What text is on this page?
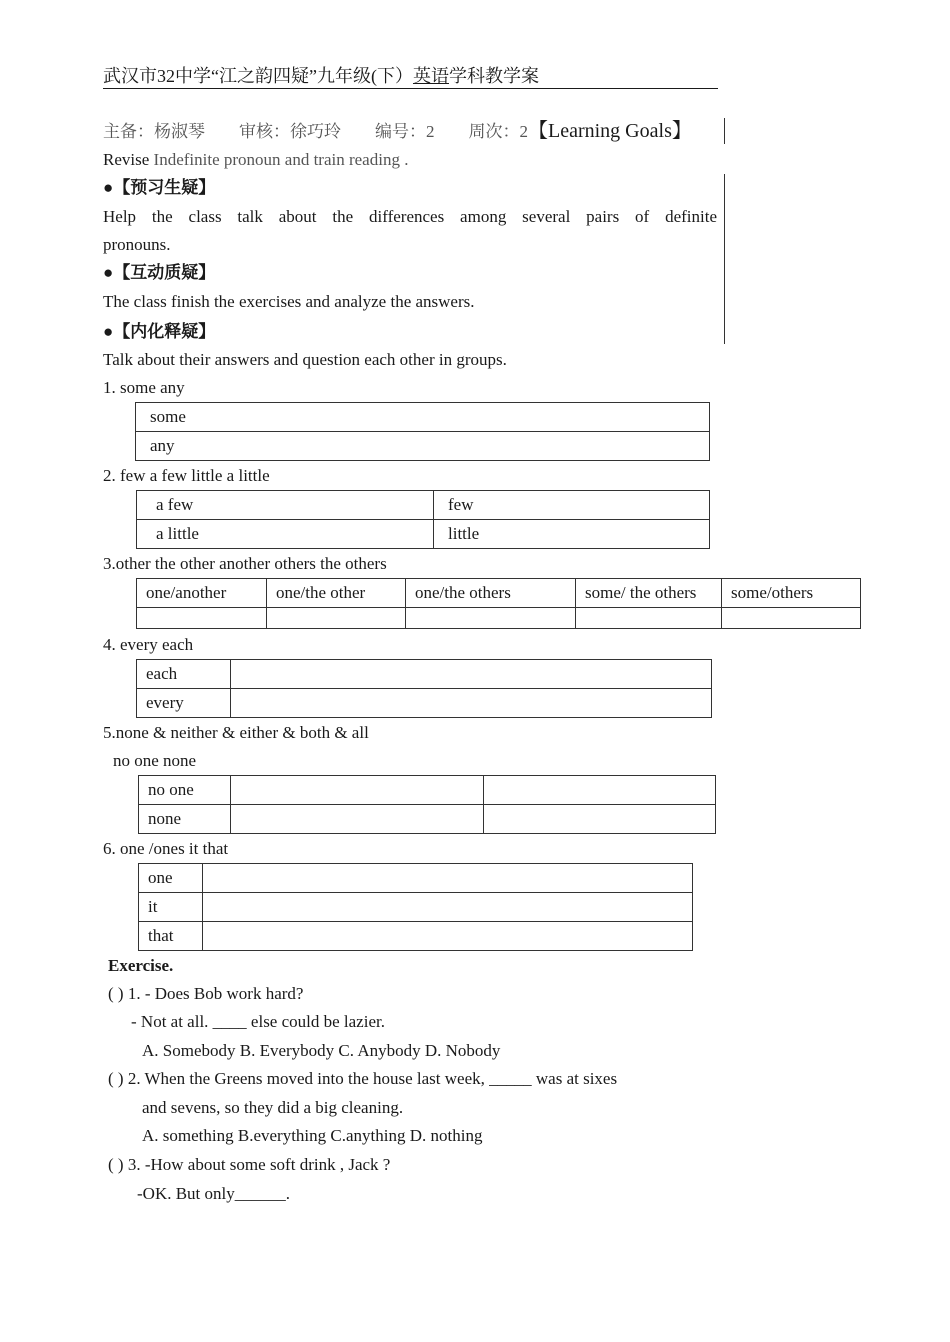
武汉市32中学“江之韵四疑”九年级(下）英语学科教学案
主备：杨淑琴 审核：徐巧玲 编号：2 周次：2【Learning Goals】
Revise Indefinite pronoun and train reading .
●【预习生疑】
Help the class talk about the differences among several pairs of definite
pronouns.
●【互动质疑】
The class finish the exercises and analyze the answers.
●【内化释疑】
Talk about their answers and question each other in groups.
1. some any
some
any
2. few a few little a little
a few	few
a little	little
3.other the other another others the others
one/another	one/the other	one/the others	some/ the others	some/others

4. every each
each	
every	
5.none & neither & either & both & all
no one none
no one		
none		
6. one /ones it that
one	
it	
that	
Exercise.
( ) 1. - Does Bob work hard?
- Not at all. ____ else could be lazier.
A. Somebody B. Everybody C. Anybody D. Nobody
( ) 2. When the Greens moved into the house last week, _____ was at sixes
and sevens, so they did a big cleaning.
A. something B.everything C.anything D. nothing
( ) 3. -How about some soft drink , Jack ?
-OK. But only______.
